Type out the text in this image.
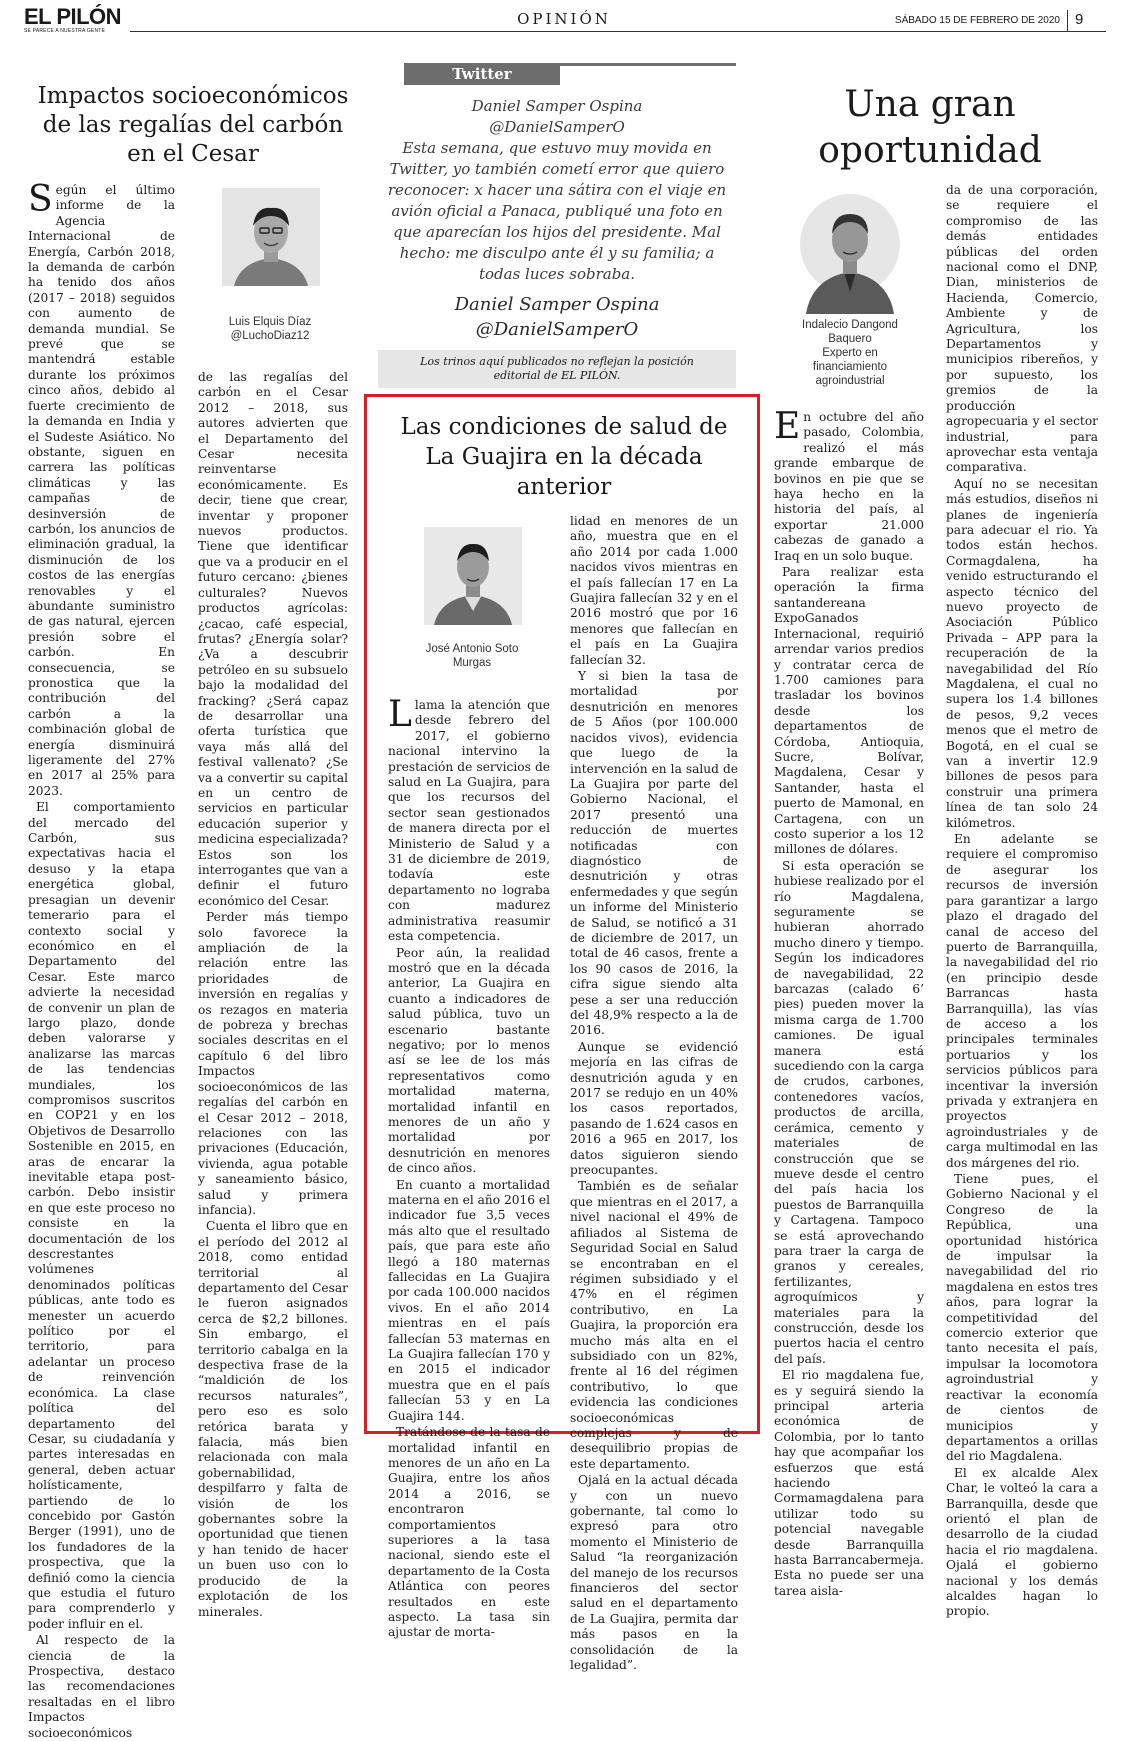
EL PILÓN
SE PARECE A NUESTRA GENTE
OPINIÓN	SÁBADO 15 DE FEBRERO DE 2020 9
Impactos socioeconómicos de las regalías del carbón en el Cesar
Luis Elquis Díaz
@LuchoDiaz12

Según el último informe de la Agencia Internacional de Energía, Carbón 2018, la demanda de carbón ha tenido dos años (2017 – 2018) seguidos con aumento de demanda mundial. Se prevé que se mantendrá estable durante los próximos cinco años, debido al fuerte crecimiento de la demanda en India y el Sudeste Asiático. No obstante, siguen en carrera las políticas climáticas y las campañas de desinversión de carbón, los anuncios de eliminación gradual, la disminución de los costos de las energías renovables y el abundante suministro de gas natural, ejercen presión sobre el carbón. En consecuencia, se pronostica que la contribución del carbón a la combinación global de energía disminuirá ligeramente del 27% en 2017 al 25% para 2023.

El comportamiento del mercado del Carbón, sus expectativas hacia el desuso y la etapa energética global, presagian un devenir temerario para el contexto social y económico en el Departamento del Cesar. Este marco advierte la necesidad de convenir un plan de largo plazo, donde deben valorarse y analizarse las marcas de las tendencias mundiales, los compromisos suscritos en COP21 y en los Objetivos de Desarrollo Sostenible en 2015, en aras de encarar la inevitable etapa post-carbón. Debo insistir en que este proceso no consiste en la documentación de los descrestantes volúmenes denominados políticas públicas, ante todo es menester un acuerdo político por el territorio, para adelantar un proceso de reinvención económica. La clase política del departamento del Cesar, su ciudadanía y partes interesadas en general, deben actuar holísticamente, partiendo de lo concebido por Gastón Berger (1991), uno de los fundadores de la prospectiva, que la definió como la ciencia que estudia el futuro para comprenderlo y poder influir en el.

Al respecto de la ciencia de la Prospectiva, destaco las recomendaciones resaltadas en el libro Impactos socioeconómicos

de las regalías del carbón en el Cesar 2012 – 2018, sus autores advierten que el Departamento del Cesar necesita reinventarse económicamente. Es decir, tiene que crear, inventar y proponer nuevos productos. Tiene que identificar que va a producir en el futuro cercano: ¿bienes culturales? Nuevos productos agrícolas: ¿cacao, café especial, frutas? ¿Energía solar? ¿Va a descubrir petróleo en su subsuelo bajo la modalidad del fracking? ¿Será capaz de desarrollar una oferta turística que vaya más allá del festival vallenato? ¿Se va a convertir su capital en un centro de servicios en particular educación superior y medicina especializada? Estos son los interrogantes que van a definir el futuro económico del Cesar.

Perder más tiempo solo favorece la ampliación de la relación entre las prioridades de inversión en regalías y os rezagos en materia de pobreza y brechas sociales descritas en el capítulo 6 del libro Impactos socioeconómicos de las regalías del carbón en el Cesar 2012 – 2018, relaciones con las privaciones (Educación, vivienda, agua potable y saneamiento básico, salud y primera infancia).

Cuenta el libro que en el período del 2012 al 2018, como entidad territorial al departamento del Cesar le fueron asignados cerca de $2,2 billones. Sin embargo, el territorio cabalga en la despectiva frase de la “maldición de los recursos naturales”, pero eso es solo retórica barata y falacia, más bien relacionada con mala gobernabilidad, despilfarro y falta de visión de los gobernantes sobre la oportunidad que tienen y han tenido de hacer un buen uso con lo producido de la explotación de los minerales.

Twitter
Daniel Samper Ospina
@DanielSamperO
Esta semana, que estuvo muy movida en Twitter, yo también cometí error que quiero reconocer: x hacer una sátira con el viaje en avión oficial a Panaca, publiqué una foto en que aparecían los hijos del presidente. Mal hecho: me disculpo ante él y su familia; a todas luces sobraba.
Daniel Samper Ospina
@DanielSamperO
Los trinos aquí publicados no reflejan la posición editorial de EL PILÓN.
Las condiciones de salud de La Guajira en la década anterior
José Antonio Soto Murgas

Llama la atención que desde febrero del 2017, el gobierno nacional intervino la prestación de servicios de salud en La Guajira, para que los recursos del sector sean gestionados de manera directa por el Ministerio de Salud y a 31 de diciembre de 2019, todavía este departamento no lograba con madurez administrativa reasumir esta competencia.

Peor aún, la realidad mostró que en la década anterior, La Guajira en cuanto a indicadores de salud pública, tuvo un escenario bastante negativo; por lo menos así se lee de los más representativos como mortalidad materna, mortalidad infantil en menores de un año y mortalidad por desnutrición en menores de cinco años.

En cuanto a mortalidad materna en el año 2016 el indicador fue 3,5 veces más alto que el resultado país, que para este año llegó a 180 maternas fallecidas en La Guajira por cada 100.000 nacidos vivos. En el año 2014 mientras en el país fallecían 53 maternas en La Guajira fallecían 170 y en 2015 el indicador muestra que en el país fallecían 53 y en La Guajira 144.

Tratándose de la tasa de mortalidad infantil en menores de un año en La Guajira, entre los años 2014 a 2016, se encontraron comportamientos superiores a la tasa nacional, siendo este el departamento de la Costa Atlántica con peores resultados en este aspecto. La tasa sin ajustar de morta-

lidad en menores de un año, muestra que en el año 2014 por cada 1.000 nacidos vivos mientras en el país fallecían 17 en La Guajira fallecían 32 y en el 2016 mostró que por 16 menores que fallecían en el país en La Guajira fallecían 32.

Y si bien la tasa de mortalidad por desnutrición en menores de 5 Años (por 100.000 nacidos vivos), evidencia que luego de la intervención en la salud de La Guajira por parte del Gobierno Nacional, el 2017 presentó una reducción de muertes notificadas con diagnóstico de desnutrición y otras enfermedades y que según un informe del Ministerio de Salud, se notificó a 31 de diciembre de 2017, un total de 46 casos, frente a los 90 casos de 2016, la cifra sigue siendo alta pese a ser una reducción del 48,9% respecto a la de 2016.

Aunque se evidenció mejoría en las cifras de desnutrición aguda y en 2017 se redujo en un 40% los casos reportados, pasando de 1.624 casos en 2016 a 965 en 2017, los datos siguieron siendo preocupantes.

También es de señalar que mientras en el 2017, a nivel nacional el 49% de afiliados al Sistema de Seguridad Social en Salud se encontraban en el régimen subsidiado y el 47% en el régimen contributivo, en La Guajira, la proporción era mucho más alta en el subsidiado con un 82%, frente al 16 del régimen contributivo, lo que evidencia las condiciones socioeconómicas complejas y de desequilibrio propias de este departamento.

Ojalá en la actual década y con un nuevo gobernante, tal como lo expresó para otro momento el Ministerio de Salud “la reorganización del manejo de los recursos financieros del sector salud en el departamento de La Guajira, permita dar más pasos en la consolidación de la legalidad”.

Una gran oportunidad
Indalecio Dangond Baquero
Experto en financiamiento agroindustrial

En octubre del año pasado, Colombia, realizó el más grande embarque de bovinos en pie que se haya hecho en la historia del país, al exportar 21.000 cabezas de ganado a Iraq en un solo buque.

Para realizar esta operación la firma santandereana ExpoGanados Internacional, requirió arrendar varios predios y contratar cerca de 1.700 camiones para trasladar los bovinos desde los departamentos de Córdoba, Antioquia, Sucre, Bolívar, Magdalena, Cesar y Santander, hasta el puerto de Mamonal, en Cartagena, con un costo superior a los 12 millones de dólares.

Si esta operación se hubiese realizado por el río Magdalena, seguramente se hubieran ahorrado mucho dinero y tiempo. Según los indicadores de navegabilidad, 22 barcazas (calado 6’ pies) pueden mover la misma carga de 1.700 camiones. De igual manera está sucediendo con la carga de crudos, carbones, contenedores vacíos, productos de arcilla, cerámica, cemento y materiales de construcción que se mueve desde el centro del país hacia los puestos de Barranquilla y Cartagena. Tampoco se está aprovechando para traer la carga de granos y cereales, fertilizantes, agroquímicos y materiales para la construcción, desde los puertos hacia el centro del país.

El rio magdalena fue, es y seguirá siendo la principal arteria económica de Colombia, por lo tanto hay que acompañar los esfuerzos que está haciendo Cormamagdalena para utilizar todo su potencial navegable desde Barranquilla hasta Barrancabermeja. Esta no puede ser una tarea aisla-

da de una corporación, se requiere el compromiso de las demás entidades públicas del orden nacional como el DNP, Dian, ministerios de Hacienda, Comercio, Ambiente y de Agricultura, los Departamentos y municipios ribereños, y por supuesto, los gremios de la producción agropecuaria y el sector industrial, para aprovechar esta ventaja comparativa.

Aquí no se necesitan más estudios, diseños ni planes de ingeniería para adecuar el rio. Ya todos están hechos. Cormagdalena, ha venido estructurando el aspecto técnico del nuevo proyecto de Asociación Público Privada – APP para la recuperación de la navegabilidad del Río Magdalena, el cual no supera los 1.4 billones de pesos, 9,2 veces menos que el metro de Bogotá, en el cual se van a invertir 12.9 billones de pesos para construir una primera línea de tan solo 24 kilómetros.

En adelante se requiere el compromiso de asegurar los recursos de inversión para garantizar a largo plazo el dragado del canal de acceso del puerto de Barranquilla, la navegabilidad del rio (en principio desde Barrancas hasta Barranquilla), las vías de acceso a los principales terminales portuarios y los servicios públicos para incentivar la inversión privada y extranjera en proyectos agroindustriales y de carga multimodal en las dos márgenes del rio.

Tiene pues, el Gobierno Nacional y el Congreso de la República, una oportunidad histórica de impulsar la navegabilidad del rio magdalena en estos tres años, para lograr la competitividad del comercio exterior que tanto necesita el país, impulsar la locomotora agroindustrial y reactivar la economía de cientos de municipios y departamentos a orillas del rio Magdalena.

El ex alcalde Alex Char, le volteó la cara a Barranquilla, desde que orientó el plan de desarrollo de la ciudad hacia el rio magdalena. Ojalá el gobierno nacional y los demás alcaldes hagan lo propio.
